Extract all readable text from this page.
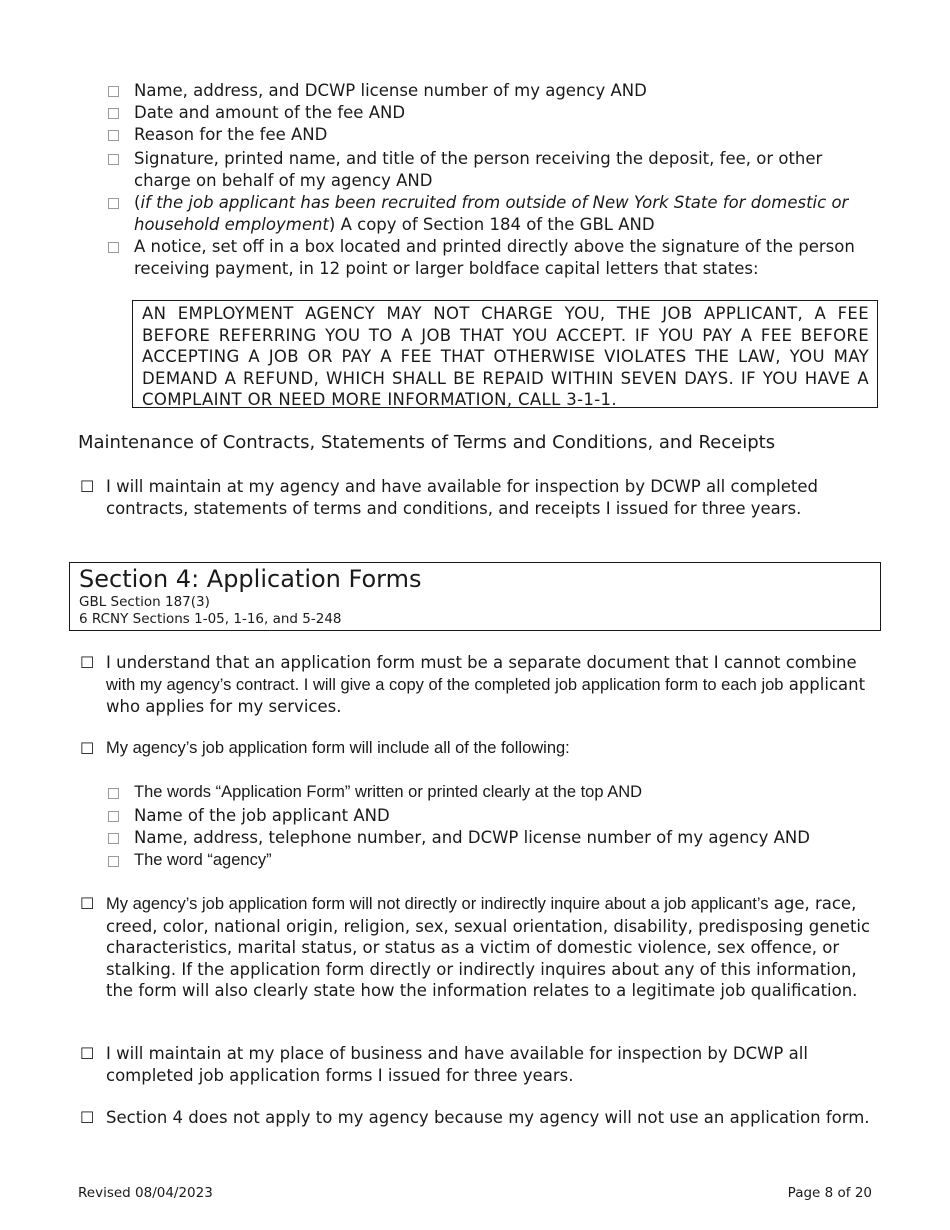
Name, address, and DCWP license number of my agency AND
Date and amount of the fee AND
Reason for the fee AND
Signature, printed name, and title of the person receiving the deposit, fee, or other charge on behalf of my agency AND
(if the job applicant has been recruited from outside of New York State for domestic or household employment) A copy of Section 184 of the GBL AND
A notice, set off in a box located and printed directly above the signature of the person receiving payment, in 12 point or larger boldface capital letters that states:
AN EMPLOYMENT AGENCY MAY NOT CHARGE YOU, THE JOB APPLICANT, A FEE BEFORE REFERRING YOU TO A JOB THAT YOU ACCEPT. IF YOU PAY A FEE BEFORE ACCEPTING A JOB OR PAY A FEE THAT OTHERWISE VIOLATES THE LAW, YOU MAY DEMAND A REFUND, WHICH SHALL BE REPAID WITHIN SEVEN DAYS. IF YOU HAVE A COMPLAINT OR NEED MORE INFORMATION, CALL 3-1-1.
Maintenance of Contracts, Statements of Terms and Conditions, and Receipts
☐ I will maintain at my agency and have available for inspection by DCWP all completed contracts, statements of terms and conditions, and receipts I issued for three years.
Section 4: Application Forms
GBL Section 187(3)
6 RCNY Sections 1-05, 1-16, and 5-248
☐ I understand that an application form must be a separate document that I cannot combine with my agency’s contract. I will give a copy of the completed job application form to each job applicant who applies for my services.
☐ My agency’s job application form will include all of the following:
The words “Application Form” written or printed clearly at the top AND
Name of the job applicant AND
Name, address, telephone number, and DCWP license number of my agency AND
The word “agency”
☐ My agency’s job application form will not directly or indirectly inquire about a job applicant’s age, race, creed, color, national origin, religion, sex, sexual orientation, disability, predisposing genetic characteristics, marital status, or status as a victim of domestic violence, sex offence, or stalking. If the application form directly or indirectly inquires about any of this information, the form will also clearly state how the information relates to a legitimate job qualification.
☐ I will maintain at my place of business and have available for inspection by DCWP all completed job application forms I issued for three years.
☐ Section 4 does not apply to my agency because my agency will not use an application form.
Revised 08/04/2023	Page 8 of 20
